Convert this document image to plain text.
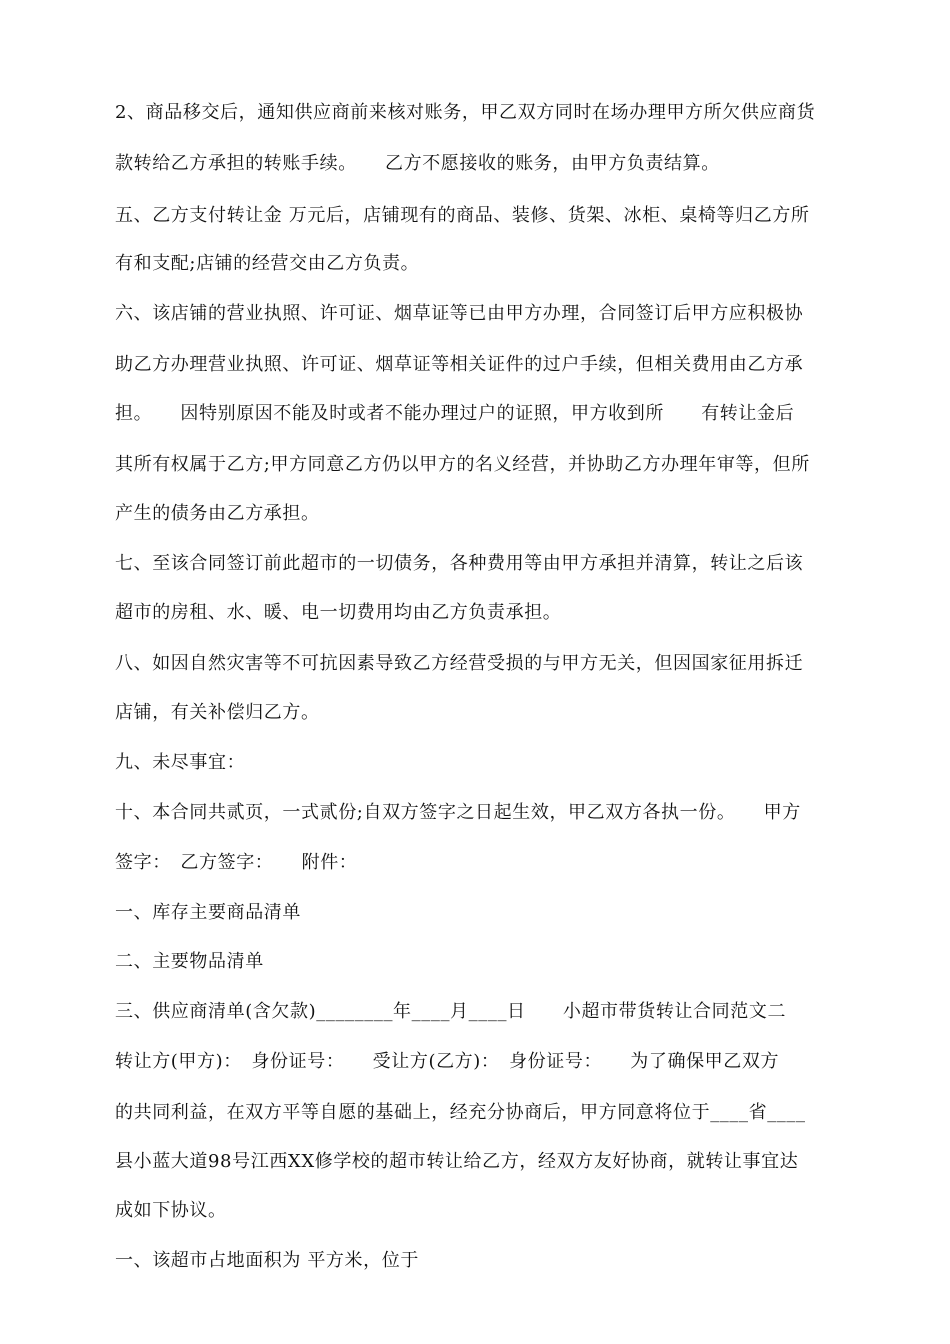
2、商品移交后，通知供应商前来核对账务，甲乙双方同时在场办理甲方所欠供应商货

款转给乙方承担的转账手续。　　乙方不愿接收的账务，由甲方负责结算。

五、乙方支付转让金 万元后，店铺现有的商品、装修、货架、冰柜、桌椅等归乙方所

有和支配;店铺的经营交由乙方负责。

六、该店铺的营业执照、许可证、烟草证等已由甲方办理，合同签订后甲方应积极协

助乙方办理营业执照、许可证、烟草证等相关证件的过户手续，但相关费用由乙方承

担。　　因特别原因不能及时或者不能办理过户的证照，甲方收到所　　有转让金后

其所有权属于乙方;甲方同意乙方仍以甲方的名义经营，并协助乙方办理年审等，但所

产生的债务由乙方承担。

七、至该合同签订前此超市的一切债务，各种费用等由甲方承担并清算，转让之后该

超市的房租、水、暖、电一切费用均由乙方负责承担。

八、如因自然灾害等不可抗因素导致乙方经营受损的与甲方无关，但因国家征用拆迁

店铺，有关补偿归乙方。

九、未尽事宜：

十、本合同共贰页，一式贰份;自双方签字之日起生效，甲乙双方各执一份。　　甲方

签字：　乙方签字：　　附件：

一、库存主要商品清单

二、主要物品清单

三、供应商清单(含欠款)________年____月____日　　小超市带货转让合同范文二

转让方(甲方)：　身份证号：　　受让方(乙方)：　身份证号：　　为了确保甲乙双方

的共同利益，在双方平等自愿的基础上，经充分协商后，甲方同意将位于____省____

县小蓝大道98号江西XX修学校的超市转让给乙方，经双方友好协商，就转让事宜达

成如下协议。

一、该超市占地面积为 平方米，位于
